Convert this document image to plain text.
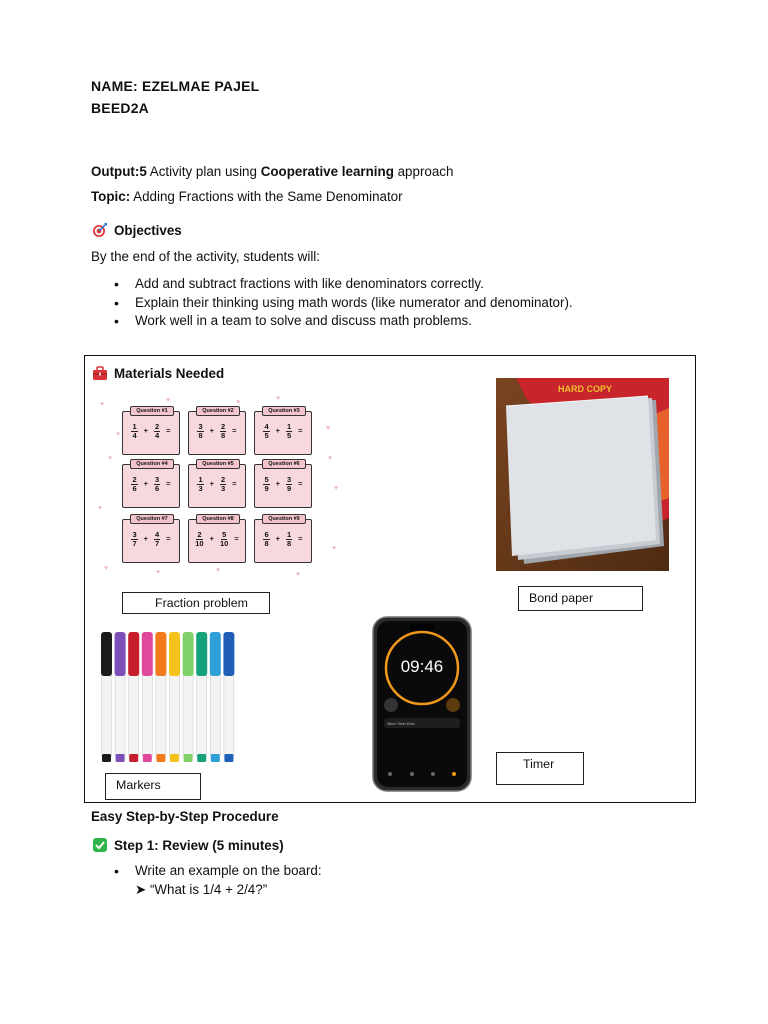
NAME: EZELMAE PAJEL
BEED2A
Output:5 Activity plan using Cooperative learning approach
Topic: Adding Fractions with the Same Denominator
Objectives
By the end of the activity, students will:
• Add and subtract fractions with like denominators correctly.
• Explain their thinking using math words (like numerator and denominator).
• Work well in a team to solve and discuss math problems.
Materials Needed
♥
♥
♥
♥
♥	♥
♥
♥
♥
♥
♥	♥
♥
♥
♥
Question #1
$\frac{1}{4} + \frac{2}{4}$ =
Question #2
$\frac{3}{8} + \frac{2}{8}$ =
Question #3
$\frac{4}{5} + \frac{1}{5}$ =
Question #4
$\frac{2}{6} + \frac{3}{6}$ =
Question #5
$\frac{1}{3} + \frac{2}{3}$ =
Question #6
$\frac{5}{9} + \frac{3}{9}$ =
Question #7
$\frac{3}{7} + \frac{4}{7}$ =
Question #8
$\frac{2}{10} + \frac{5}{10}$ =
Question #9
$\frac{6}{8} + \frac{1}{8}$ =
Fraction problem
HARD COPY
Bond paper
Markers
09:46
When Timer Ends
Timer
Easy Step-by-Step Procedure
Step 1: Review (5 minutes)
• Write an example on the board:
➤ “What is 1/4 + 2/4?”
